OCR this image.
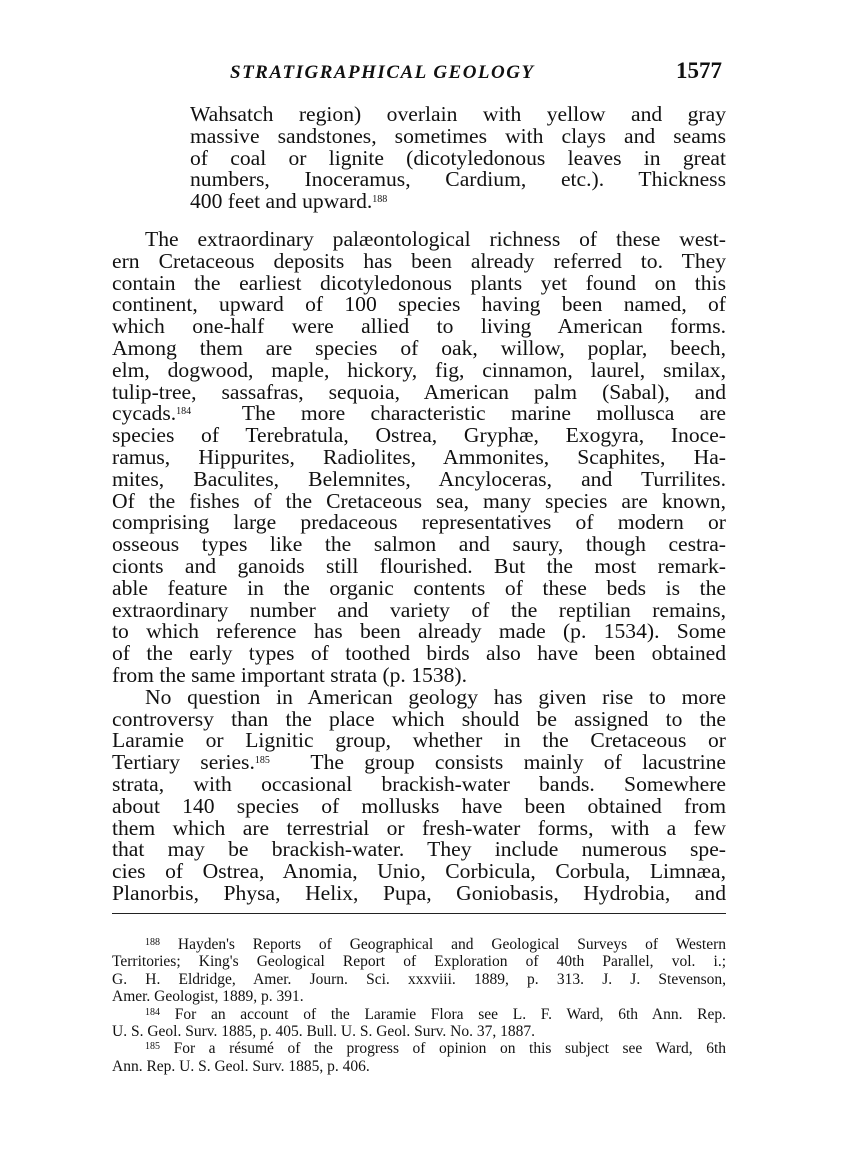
STRATIGRAPHICAL GEOLOGY	1577
Wahsatch region) overlain with yellow and gray
massive sandstones, sometimes with clays and seams
of coal or lignite (dicotyledonous leaves in great
numbers, Inoceramus, Cardium, etc.). Thickness
400 feet and upward.$^{188}$
The extraordinary palæontological richness of these west-
ern Cretaceous deposits has been already referred to. They
contain the earliest dicotyledonous plants yet found on this
continent, upward of 100 species having been named, of
which one-half were allied to living American forms.
Among them are species of oak, willow, poplar, beech,
elm, dogwood, maple, hickory, fig, cinnamon, laurel, smilax,
tulip-tree, sassafras, sequoia, American palm (Sabal), and
cycads.$^{184}$ The more characteristic marine mollusca are
species of Terebratula, Ostrea, Gryphæ, Exogyra, Inoce-
ramus, Hippurites, Radiolites, Ammonites, Scaphites, Ha-
mites, Baculites, Belemnites, Ancyloceras, and Turrilites.
Of the fishes of the Cretaceous sea, many species are known,
comprising large predaceous representatives of modern or
osseous types like the salmon and saury, though cestra-
cionts and ganoids still flourished. But the most remark-
able feature in the organic contents of these beds is the
extraordinary number and variety of the reptilian remains,
to which reference has been already made (p. 1534). Some
of the early types of toothed birds also have been obtained
from the same important strata (p. 1538).
No question in American geology has given rise to more
controversy than the place which should be assigned to the
Laramie or Lignitic group, whether in the Cretaceous or
Tertiary series.$^{185}$ The group consists mainly of lacustrine
strata, with occasional brackish-water bands. Somewhere
about 140 species of mollusks have been obtained from
them which are terrestrial or fresh-water forms, with a few
that may be brackish-water. They include numerous spe-
cies of Ostrea, Anomia, Unio, Corbicula, Corbula, Limnæa,
Planorbis, Physa, Helix, Pupa, Goniobasis, Hydrobia, and
$^{188}$ Hayden's Reports of Geographical and Geological Surveys of Western
Territories; King's Geological Report of Exploration of 40th Parallel, vol. i.;
G. H. Eldridge, Amer. Journ. Sci. xxxviii. 1889, p. 313. J. J. Stevenson,
Amer. Geologist, 1889, p. 391.
$^{184}$ For an account of the Laramie Flora see L. F. Ward, 6th Ann. Rep.
U. S. Geol. Surv. 1885, p. 405. Bull. U. S. Geol. Surv. No. 37, 1887.
$^{185}$ For a résumé of the progress of opinion on this subject see Ward, 6th
Ann. Rep. U. S. Geol. Surv. 1885, p. 406.
